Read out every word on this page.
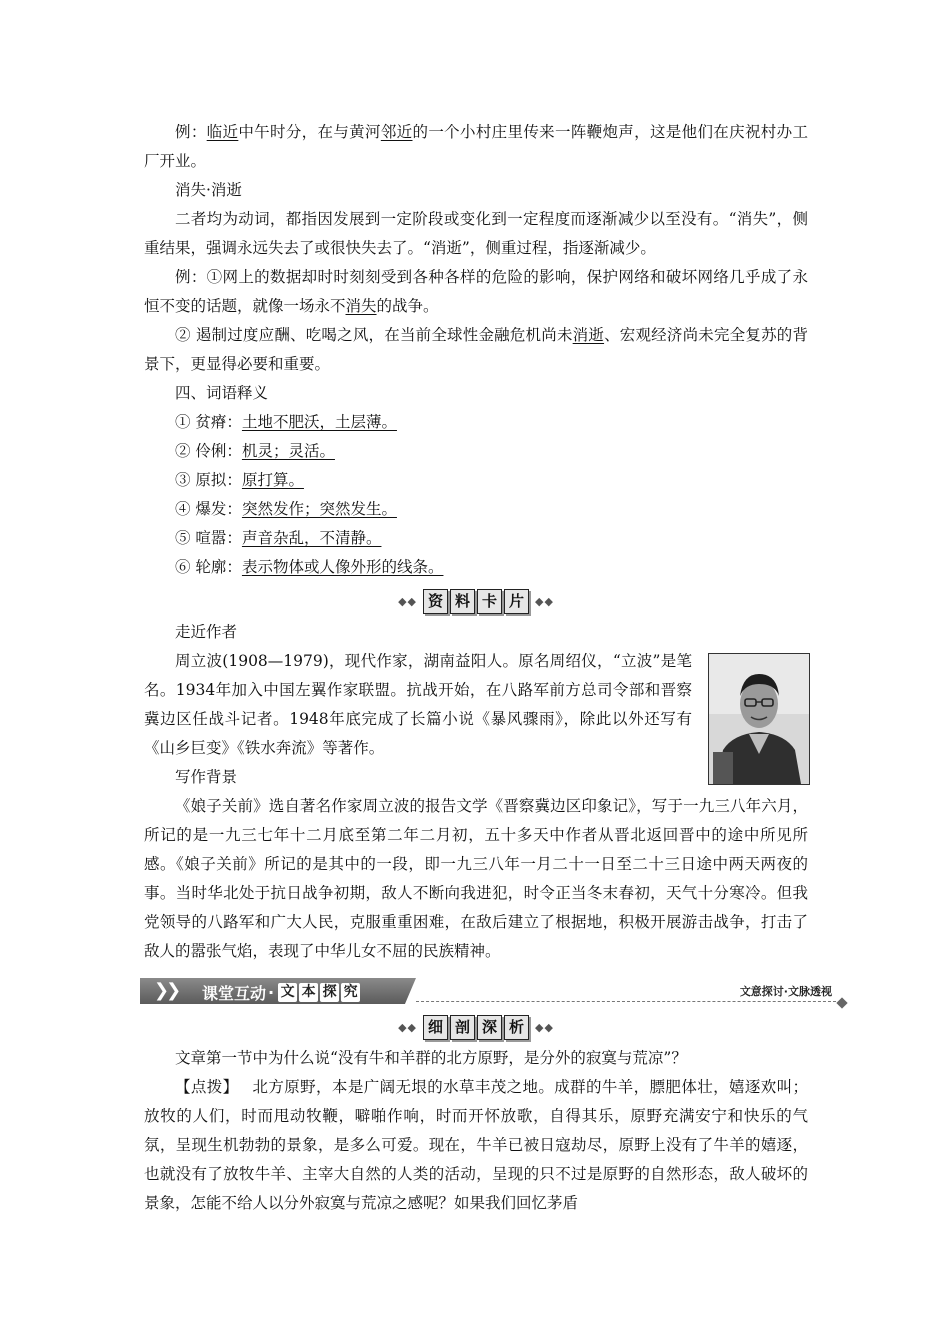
例：临近中午时分，在与黄河邻近的一个小村庄里传来一阵鞭炮声，这是他们在庆祝村办工厂开业。

消失·消逝

二者均为动词，都指因发展到一定阶段或变化到一定程度而逐渐减少以至没有。“消失”，侧重结果，强调永远失去了或很快失去了。“消逝”，侧重过程，指逐渐减少。

例：①网上的数据却时时刻刻受到各种各样的危险的影响，保护网络和破坏网络几乎成了永恒不变的话题，就像一场永不消失的战争。

② 遏制过度应酬、吃喝之风，在当前全球性金融危机尚未消逝、宏观经济尚未完全复苏的背景下，更显得必要和重要。

四、词语释义

① 贫瘠：土地不肥沃，土层薄。
② 伶俐：机灵；灵活。
③ 原拟：原打算。
④ 爆发：突然发作；突然发生。
⑤ 喧嚣：声音杂乱，不清静。
⑥ 轮廓：表示物体或人像外形的线条。
◆◆ 资 料 卡 片	◆◆

走近作者

周立波(1908—1979)，现代作家，湖南益阳人。原名周绍仪，“立波”是笔名。1934年加入中国左翼作家联盟。抗战开始，在八路军前方总司令部和晋察冀边区任战斗记者。1948年底完成了长篇小说《暴风骤雨》，除此以外还写有《山乡巨变》《铁水奔流》等著作。

写作背景

《娘子关前》选自著名作家周立波的报告文学《晋察冀边区印象记》，写于一九三八年六月，所记的是一九三七年十二月底至第二年二月初，五十多天中作者从晋北返回晋中的途中所见所感。《娘子关前》所记的是其中的一段，即一九三八年一月二十一日至二十三日途中两天两夜的事。当时华北处于抗日战争初期，敌人不断向我进犯，时令正当冬末春初，天气十分寒冷。但我党领导的八路军和广大人民，克服重重困难，在敌后建立了根据地，积极开展游击战争，打击了敌人的嚣张气焰，表现了中华儿女不屈的民族精神。

❯❯ 课堂互动 · 文 本 探 究	文意探讨·文脉透视
◆◆ 细 剖 深 析	◆◆

文章第一节中为什么说“没有牛和羊群的北方原野，是分外的寂寞与荒凉”？

【点拨】 北方原野，本是广阔无垠的水草丰茂之地。成群的牛羊，膘肥体壮，嬉逐欢叫；放牧的人们，时而甩动牧鞭，噼啪作响，时而开怀放歌，自得其乐，原野充满安宁和快乐的气氛，呈现生机勃勃的景象，是多么可爱。现在，牛羊已被日寇劫尽，原野上没有了牛羊的嬉逐，也就没有了放牧牛羊、主宰大自然的人类的活动，呈现的只不过是原野的自然形态，敌人破坏的景象，怎能不给人以分外寂寞与荒凉之感呢？如果我们回忆茅盾
